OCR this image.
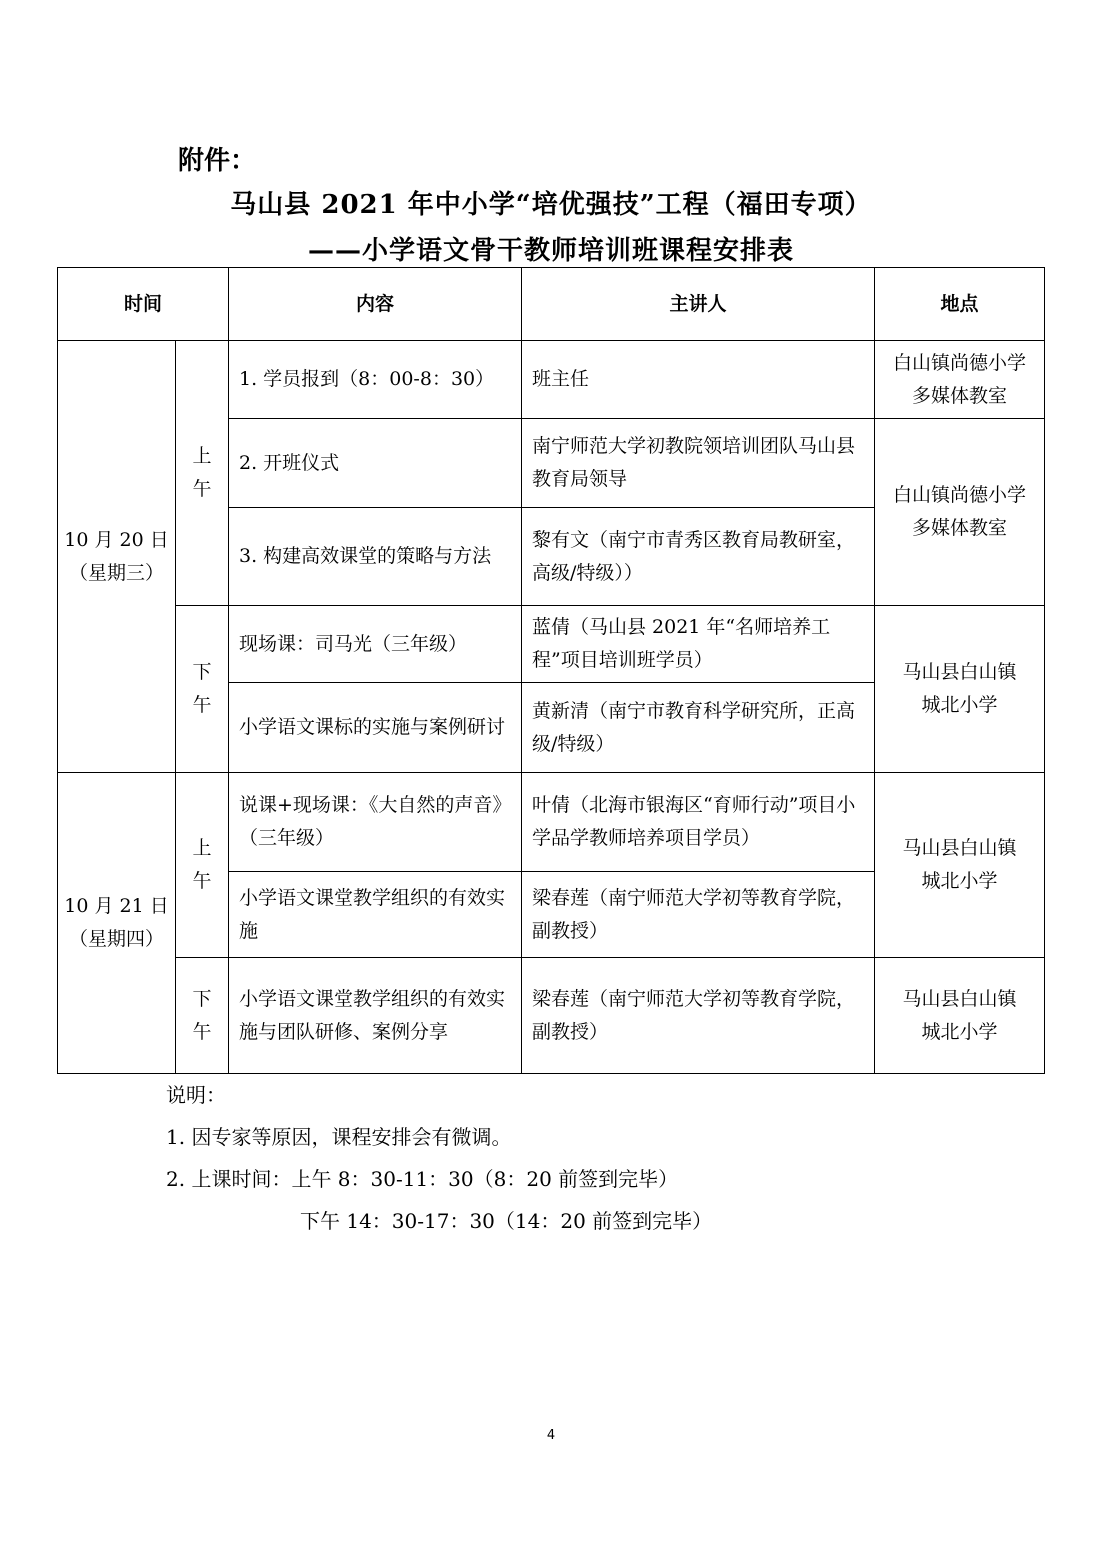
附件：
马山县 2021 年中小学“培优强技”工程（福田专项）
——小学语文骨干教师培训班课程安排表
时间		内容	主讲人	地点

10 月 20 日
（星期三）	上午	1. 学员报到（8：00-8：30）	班主任	白山镇尚德小学多媒体教室

		2. 开班仪式	南宁师范大学初教院领培训团队马山县教育局领导	白山镇尚德小学多媒体教室

		3. 构建高效课堂的策略与方法	黎有文（南宁市青秀区教育局教研室，高级/特级））	

	下午	现场课：司马光（三年级）	蓝倩（马山县 2021 年“名师培养工程”项目培训班学员）	马山县白山镇城北小学

		小学语文课标的实施与案例研讨	黄新清（南宁市教育科学研究所，正高级/特级）	

10 月 21 日
（星期四）	上午	说课+现场课：《大自然的声音》（三年级）	叶倩（北海市银海区“育师行动”项目小学品学教师培养项目学员）	马山县白山镇城北小学

		小学语文课堂教学组织的有效实施	梁春莲（南宁师范大学初等教育学院，副教授）	

	下午	小学语文课堂教学组织的有效实施与团队研修、案例分享	梁春莲（南宁师范大学初等教育学院，副教授）	马山县白山镇城北小学
说明：
1. 因专家等原因，课程安排会有微调。
2. 上课时间：上午 8：30-11：30（8：20 前签到完毕）
下午 14：30-17：30（14：20 前签到完毕）
4
